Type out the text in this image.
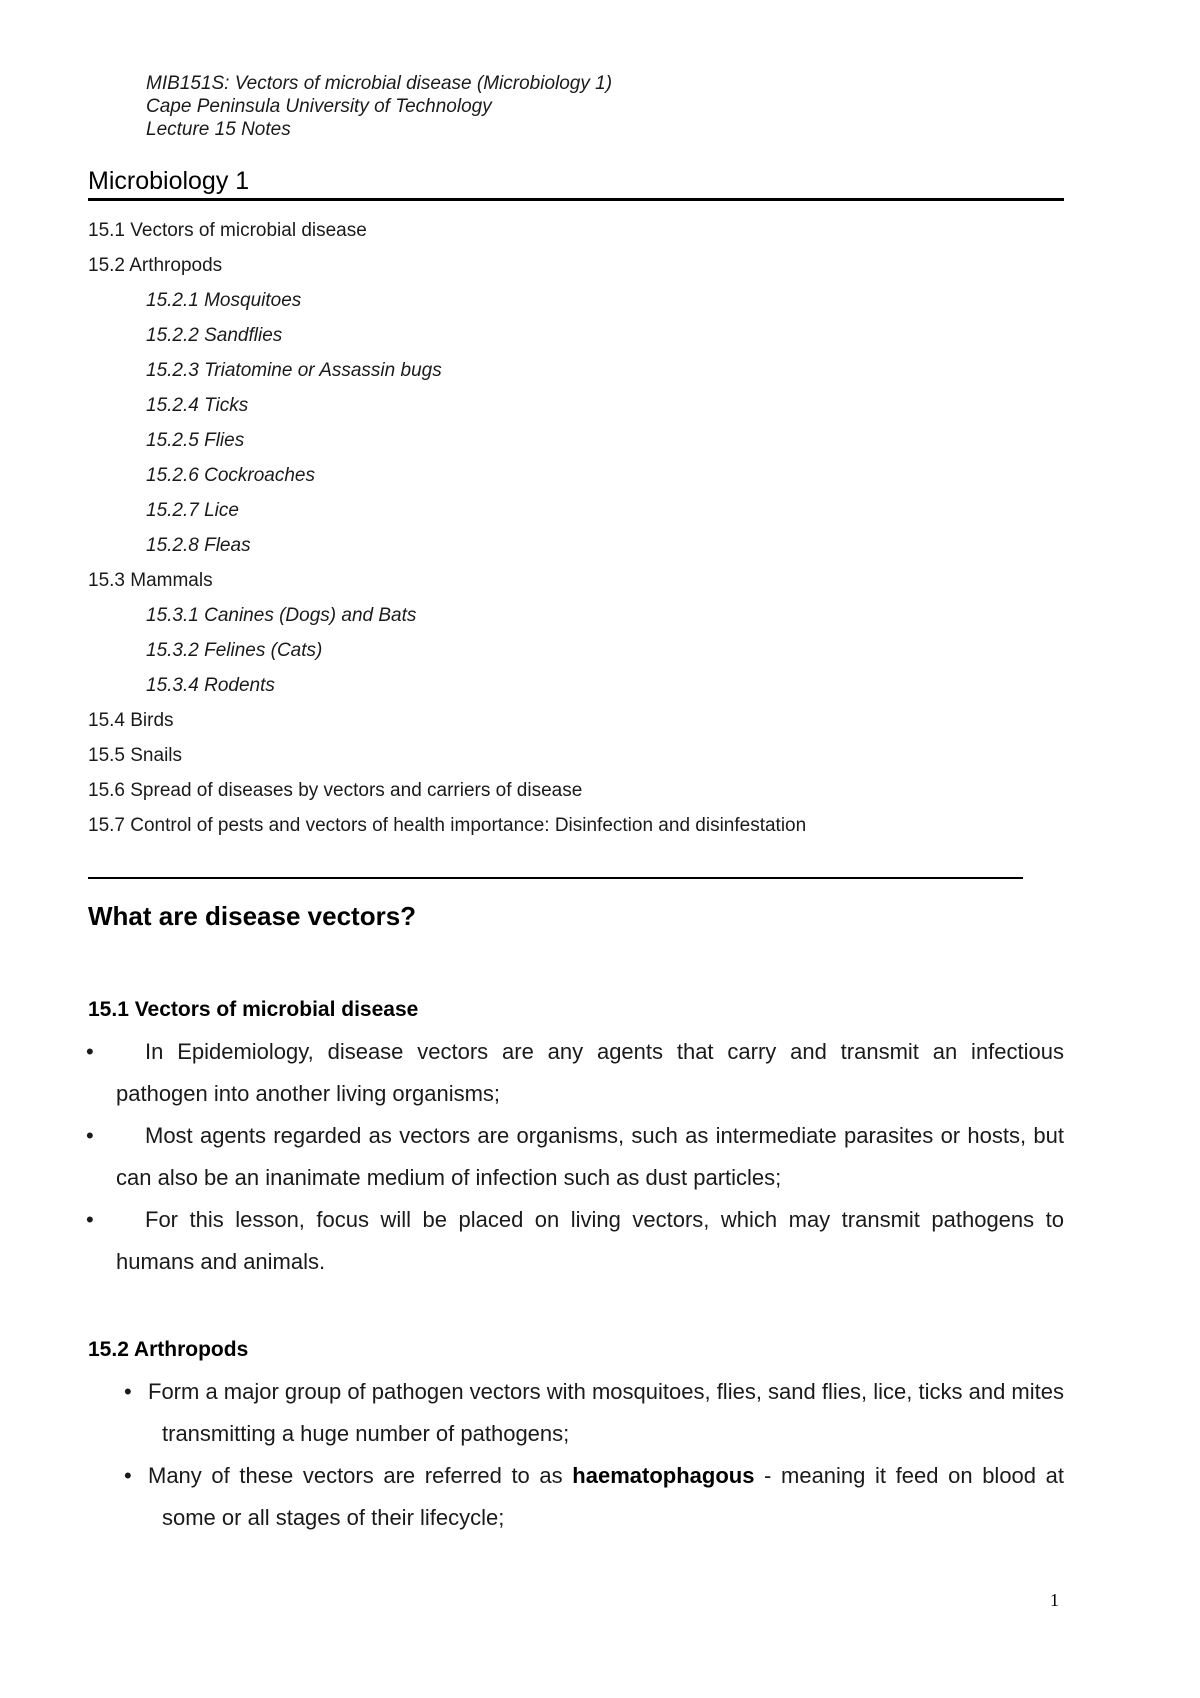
MIB151S: Vectors of microbial disease (Microbiology 1)
Cape Peninsula University of Technology
Lecture 15 Notes
Microbiology 1
15.1 Vectors of microbial disease
15.2 Arthropods
15.2.1 Mosquitoes
15.2.2 Sandflies
15.2.3 Triatomine or Assassin bugs
15.2.4 Ticks
15.2.5 Flies
15.2.6 Cockroaches
15.2.7 Lice
15.2.8 Fleas
15.3 Mammals
15.3.1 Canines (Dogs) and Bats
15.3.2 Felines (Cats)
15.3.4 Rodents
15.4 Birds
15.5 Snails
15.6 Spread of diseases by vectors and carriers of disease
15.7 Control of pests and vectors of health importance: Disinfection and disinfestation
What are disease vectors?
15.1 Vectors of microbial disease
•	In Epidemiology, disease vectors are any agents that carry and transmit an infectious pathogen into another living organisms;
•	Most agents regarded as vectors are organisms, such as intermediate parasites or hosts, but can also be an inanimate medium of infection such as dust particles;
•	For this lesson, focus will be placed on living vectors, which may transmit pathogens to humans and animals.
15.2 Arthropods
• Form a major group of pathogen vectors with mosquitoes, flies, sand flies, lice, ticks and mites transmitting a huge number of pathogens;
• Many of these vectors are referred to as haematophagous - meaning it feed on blood at some or all stages of their lifecycle;
1
